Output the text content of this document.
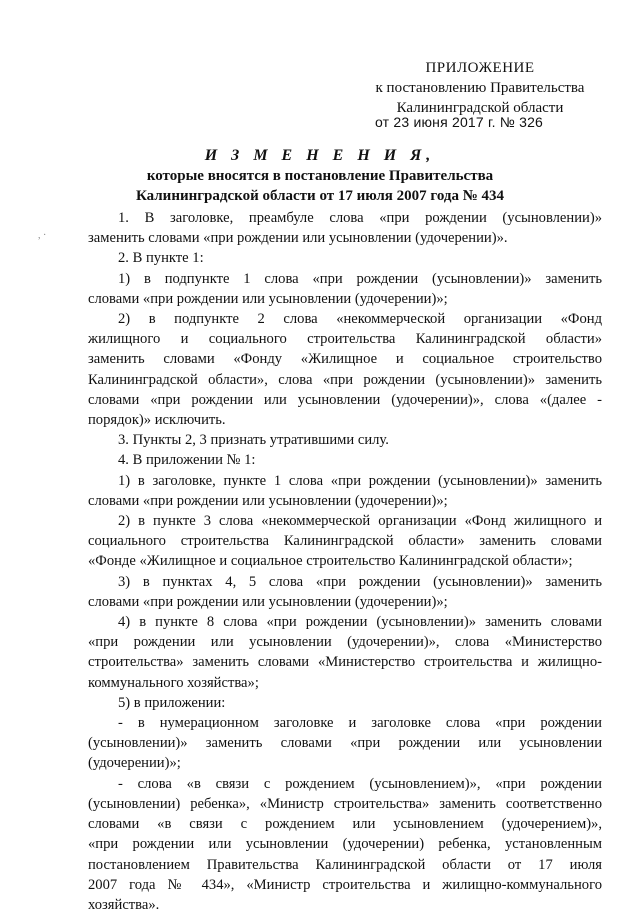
, ·
ПРИЛОЖЕНИЕ
к постановлению Правительства
Калининградской области
от 23 июня 2017 г. № 326
И З М Е Н Е Н И Я,
которые вносятся в постановление Правительства
Калининградской области от 17 июля 2007 года № 434
1. В заголовке, преамбуле слова «при рождении (усыновлении)»
заменить словами «при рождении или усыновлении (удочерении)».
2. В пункте 1:
1) в подпункте 1 слова «при рождении (усыновлении)» заменить
словами «при рождении или усыновлении (удочерении)»;
2) в подпункте 2 слова «некоммерческой организации «Фонд
жилищного и социального строительства Калининградской области»
заменить словами «Фонду «Жилищное и социальное строительство
Калининградской области», слова «при рождении (усыновлении)» заменить
словами «при рождении или усыновлении (удочерении)», слова «(далее -
порядок)» исключить.
3. Пункты 2, 3 признать утратившими силу.
4. В приложении № 1:
1) в заголовке, пункте 1 слова «при рождении (усыновлении)» заменить
словами «при рождении или усыновлении (удочерении)»;
2) в пункте 3 слова «некоммерческой организации «Фонд жилищного и
социального строительства Калининградской области» заменить словами
«Фонде «Жилищное и социальное строительство Калининградской области»;
3) в пунктах 4, 5 слова «при рождении (усыновлении)» заменить
словами «при рождении или усыновлении (удочерении)»;
4) в пункте 8 слова «при рождении (усыновлении)» заменить словами
«при рождении или усыновлении (удочерении)», слова «Министерство
строительства» заменить словами «Министерство строительства и жилищно-
коммунального хозяйства»;
5) в приложении:
- в нумерационном заголовке и заголовке слова «при рождении
(усыновлении)» заменить словами «при рождении или усыновлении
(удочерении)»;
- слова «в связи с рождением (усыновлением)», «при рождении
(усыновлении) ребенка», «Министр строительства» заменить соответственно
словами «в связи с рождением или усыновлением (удочерением)»,
«при рождении или усыновлении (удочерении) ребенка, установленным
постановлением Правительства Калининградской области от 17 июля
2007 года № 434», «Министр строительства и жилищно-коммунального
хозяйства».
